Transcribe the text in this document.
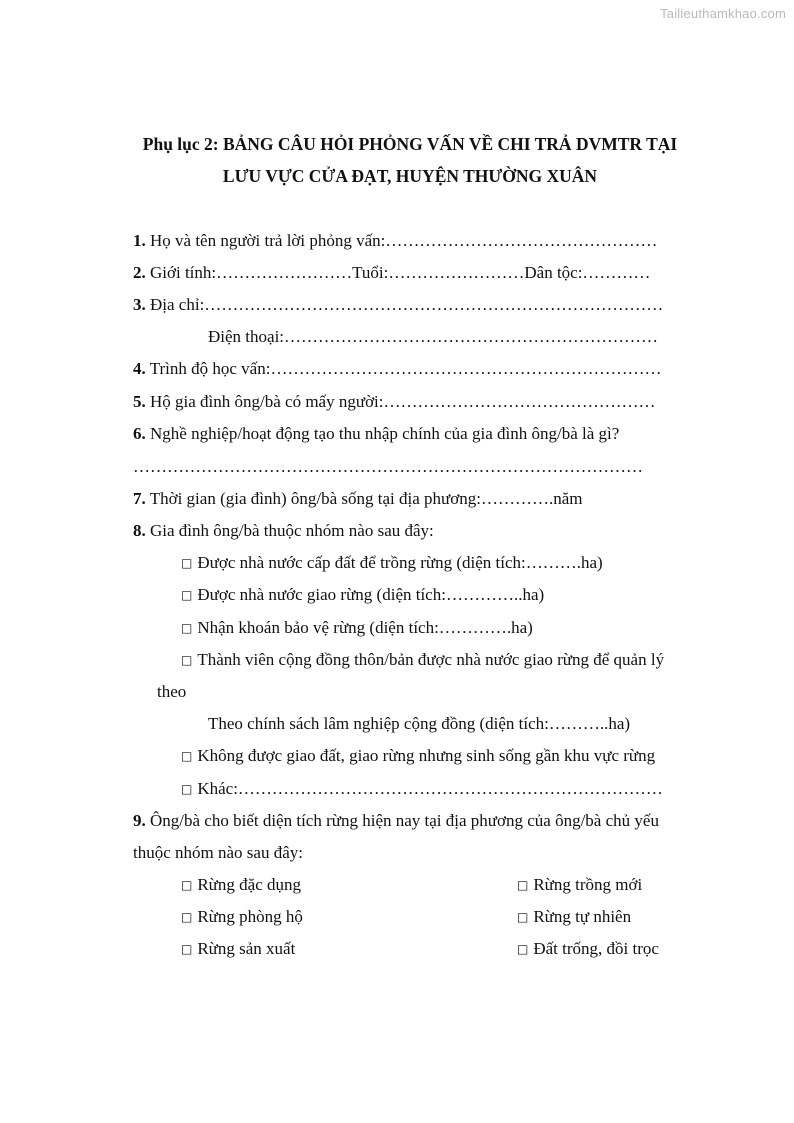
Tailieuthamkhao.com
Phụ lục 2: BẢNG CÂU HỎI PHỎNG VẤN VỀ CHI TRẢ DVMTR TẠI
LƯU VỰC CỬA ĐẠT, HUYỆN THƯỜNG XUÂN
1. Họ và tên người trả lời phỏng vấn:…………………………………………
2. Giới tính:……………………Tuổi:……………………Dân tộc:…………
3. Địa chỉ:………………………………………………………………………
Điện thoại:…………………………………………………………
4. Trình độ học vấn:……………………………………………………………
5. Hộ gia đình ông/bà có mấy người:…………………………………………
6. Nghề nghiệp/hoạt động tạo thu nhập chính của gia đình ông/bà là gì?
………………………………………………………………………………
7. Thời gian (gia đình) ông/bà sống tại địa phương:………….năm
8. Gia đình ông/bà thuộc nhóm nào sau đây:
□ Được nhà nước cấp đất để trồng rừng (diện tích:……….ha)
□ Được nhà nước giao rừng (diện tích:…………..ha)
□ Nhận khoán bảo vệ rừng (diện tích:………….ha)
□ Thành viên cộng đồng thôn/bản được nhà nước giao rừng để quản lý
theo
Theo chính sách lâm nghiệp cộng đồng (diện tích:………..ha)
□ Không được giao đất, giao rừng nhưng sinh sống gần khu vực rừng
□ Khác:…………………………………………………………………
9. Ông/bà cho biết diện tích rừng hiện nay tại địa phương của ông/bà chủ yếu
thuộc nhóm nào sau đây:
□ Rừng đặc dụng	□ Rừng trồng mới
□ Rừng phòng hộ	□ Rừng tự nhiên
□ Rừng sản xuất	□ Đất trống, đồi trọc
